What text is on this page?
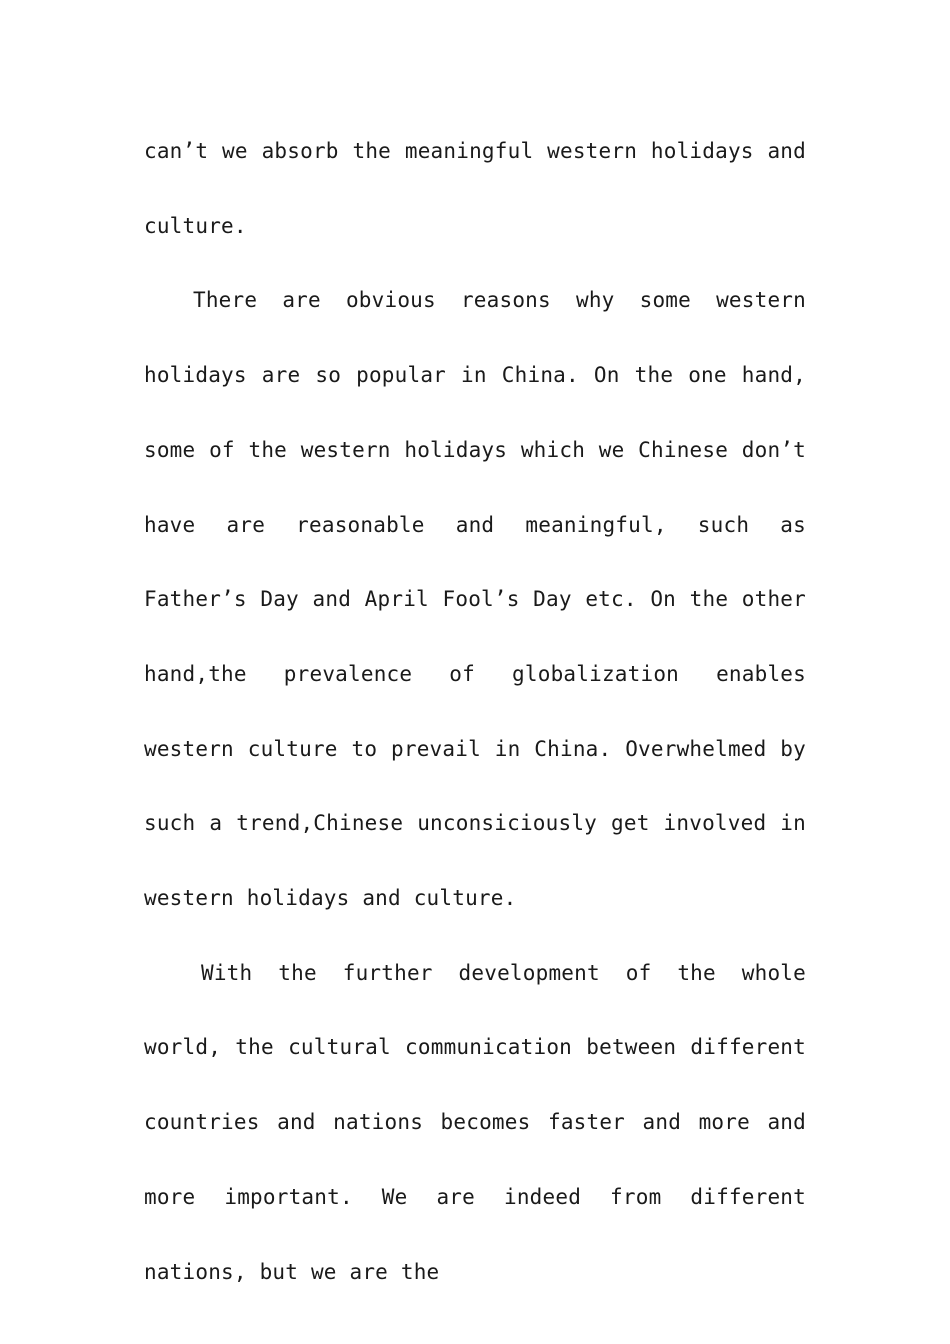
can’t we absorb the meaningful western holidays and culture.

There are obvious reasons why some western holidays are so popular in China. On the one hand, some of the western holidays which we Chinese don’t have are reasonable and meaningful, such as Father’s Day and April Fool’s Day etc. On the other hand,the prevalence of globalization enables western culture to prevail in China. Overwhelmed by such a trend,Chinese unconsiciously get involved in western holidays and culture.

With the further development of the whole world, the cultural communication between different countries and nations becomes faster and more and more important. We are indeed from different nations, but we are the
